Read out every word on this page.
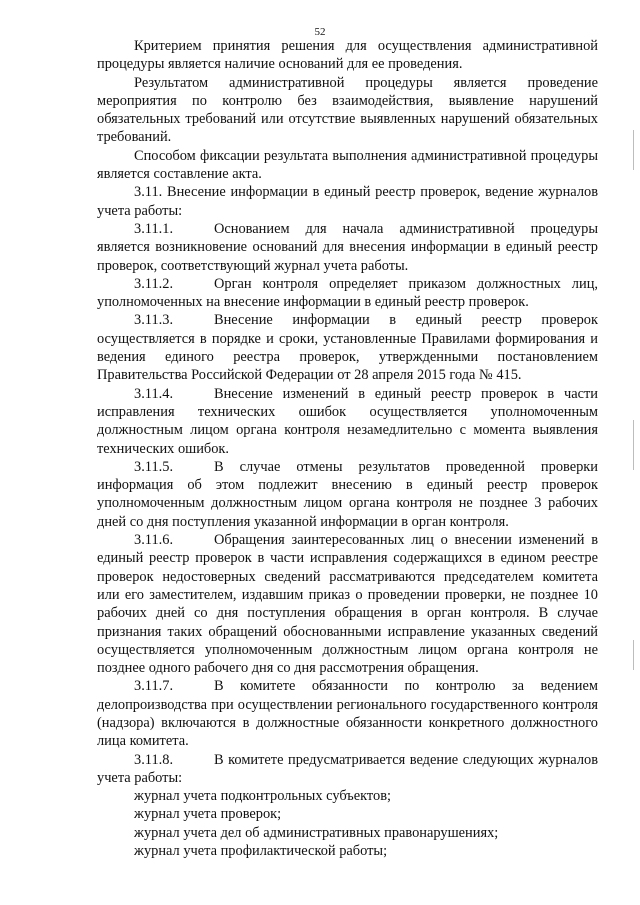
52

Критерием принятия решения для осуществления административной процедуры является наличие оснований для ее проведения.

Результатом административной процедуры является проведение мероприятия по контролю без взаимодействия, выявление нарушений обязательных требований или отсутствие выявленных нарушений обязательных требований.

Способом фиксации результата выполнения административной процедуры является составление акта.

3.11. Внесение информации в единый реестр проверок, ведение журналов учета работы:

3.11.1.	Основанием для начала административной процедуры является возникновение оснований для внесения информации в единый реестр проверок, соответствующий журнал учета работы.

3.11.2.	Орган контроля определяет приказом должностных лиц, уполномоченных на внесение информации в единый реестр проверок.

3.11.3.	Внесение информации в единый реестр проверок осуществляется в порядке и сроки, установленные Правилами формирования и ведения единого реестра проверок, утвержденными постановлением Правительства Российской Федерации от 28 апреля 2015 года № 415.

3.11.4.	Внесение изменений в единый реестр проверок в части исправления технических ошибок осуществляется уполномоченным должностным лицом органа контроля незамедлительно с момента выявления технических ошибок.

3.11.5.	В случае отмены результатов проведенной проверки информация об этом подлежит внесению в единый реестр проверок уполномоченным должностным лицом органа контроля не позднее 3 рабочих дней со дня поступления указанной информации в орган контроля.

3.11.6.	Обращения заинтересованных лиц о внесении изменений в единый реестр проверок в части исправления содержащихся в едином реестре проверок недостоверных сведений рассматриваются председателем комитета или его заместителем, издавшим приказ о проведении проверки, не позднее 10 рабочих дней со дня поступления обращения в орган контроля. В случае признания таких обращений обоснованными исправление указанных сведений осуществляется уполномоченным должностным лицом органа контроля не позднее одного рабочего дня со дня рассмотрения обращения.

3.11.7.	В комитете обязанности по контролю за ведением делопроизводства при осуществлении регионального государственного контроля (надзора) включаются в должностные обязанности конкретного должностного лица комитета.

3.11.8.	В комитете предусматривается ведение следующих журналов учета работы:

журнал учета подконтрольных субъектов;

журнал учета проверок;

журнал учета дел об административных правонарушениях;

журнал учета профилактической работы;
